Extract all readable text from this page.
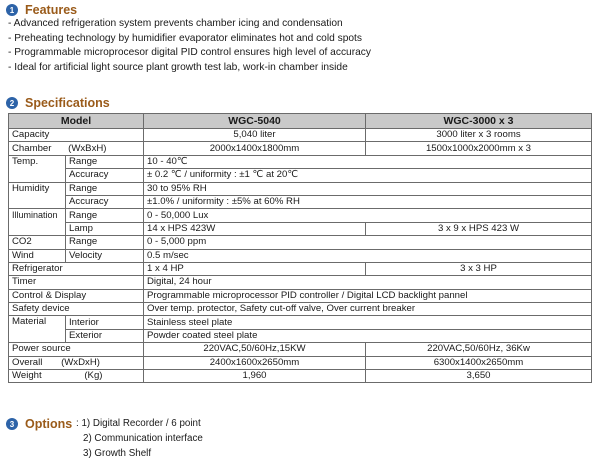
1 Features
- Advanced refrigeration system prevents chamber icing and condensation
- Preheating technology by humidifier evaporator eliminates hot and cold spots
- Programmable microprocesor digital PID control ensures high level of accuracy
- Ideal for artificial light source plant growth test lab, work-in chamber inside
2 Specifications
Model		WGC-5040	WGC-3000 x 3
Capacity		5,040 liter	3000 liter x 3 rooms
Chamber (WxBxH)		2000x1400x1800mm	1500x1000x2000mm x 3
Temp.	Range	10 - 40℃	
	Accuracy	± 0.2 ℃ / uniformity : ±1 ℃ at 20℃	
Humidity	Range	30 to 95% RH	
	Accuracy	±1.0% / uniformity : ±5% at 60% RH	
Illumination	Range	0 - 50,000 Lux	
	Lamp	14 x HPS 423W	3 x 9 x HPS 423 W
CO2	Range	0 - 5,000 ppm	
Wind	Velocity	0.5 m/sec	
Refrigerator		1 x 4 HP	3 x 3 HP
Timer		Digital, 24 hour	
Control & Display		Programmable microprocessor PID controller / Digital LCD backlight pannel	
Safety device		Over temp. protector, Safety cut-off valve, Over current breaker	
Material	Interior	Stainless steel plate	
	Exterior	Powder coated steel plate	
Power source		220VAC,50/60Hz,15KW	220VAC,50/60Hz, 36Kw
Overall (WxDxH)		2400x1600x2650mm	6300x1400x2650mm
Weight (Kg)		1,960	3,650
3 Options : 1) Digital Recorder / 6 point
2) Communication interface
3) Growth Shelf
